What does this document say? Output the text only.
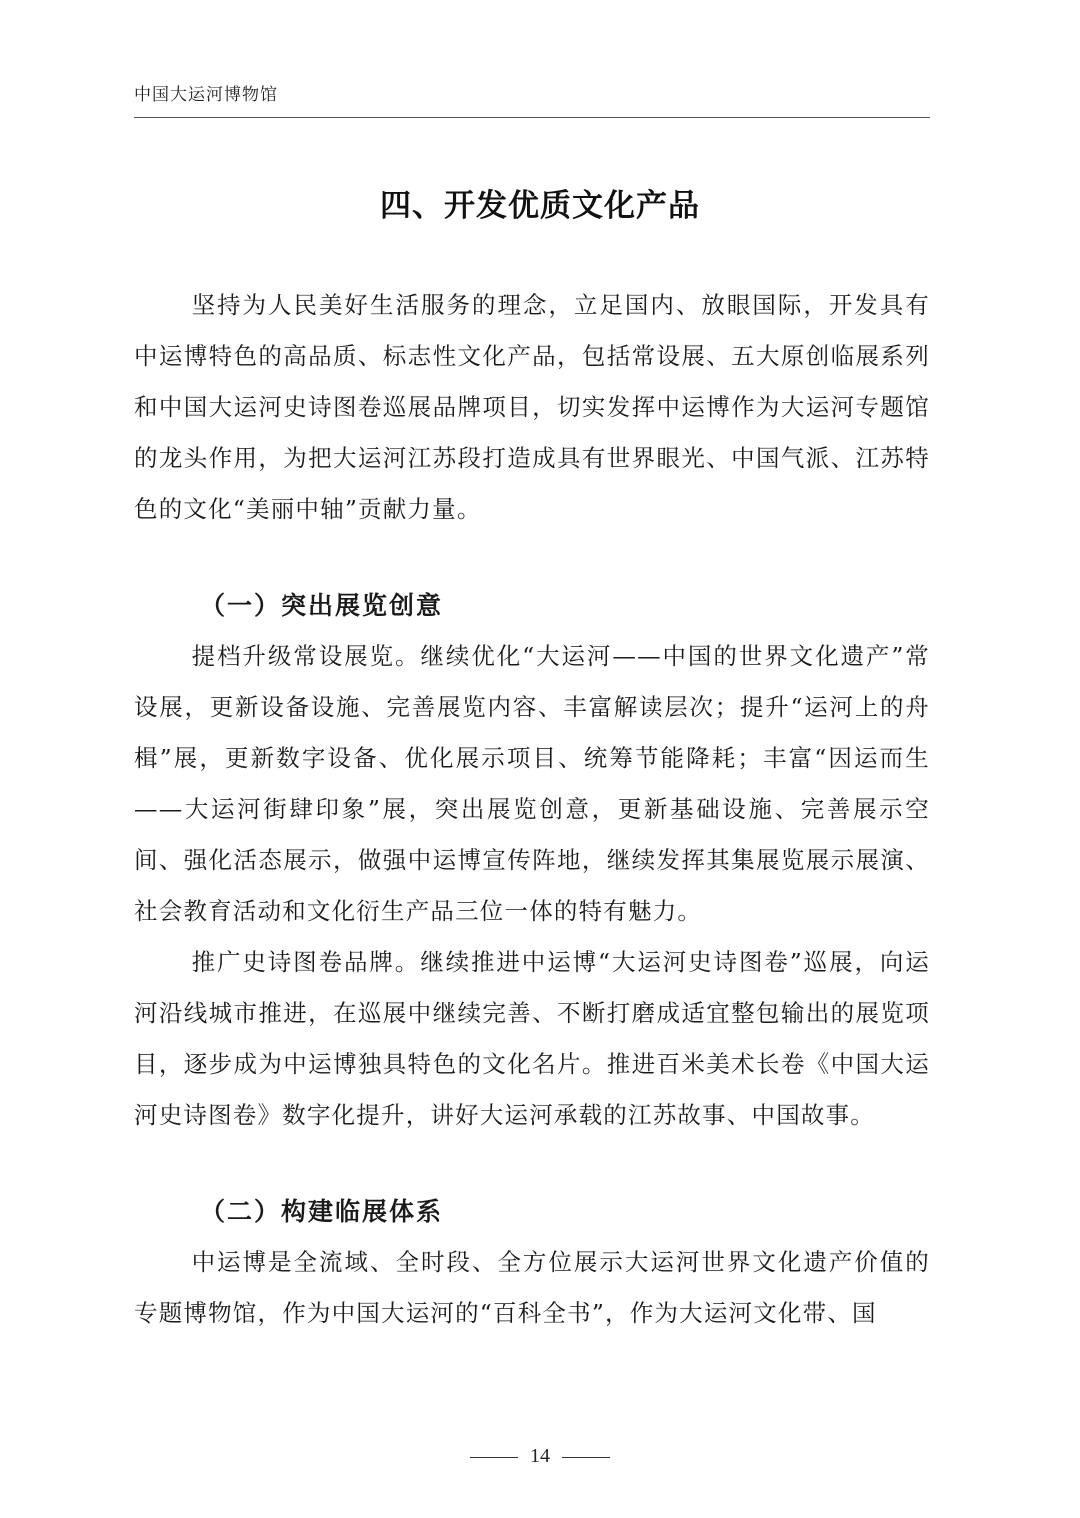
中国大运河博物馆
四、开发优质文化产品

坚持为人民美好生活服务的理念，立足国内、放眼国际，开发具有中运博特色的高品质、标志性文化产品，包括常设展、五大原创临展系列和中国大运河史诗图卷巡展品牌项目，切实发挥中运博作为大运河专题馆的龙头作用，为把大运河江苏段打造成具有世界眼光、中国气派、江苏特色的文化“美丽中轴”贡献力量。

（一）突出展览创意

提档升级常设展览。继续优化“大运河——中国的世界文化遗产”常设展，更新设备设施、完善展览内容、丰富解读层次；提升“运河上的舟楫”展，更新数字设备、优化展示项目、统筹节能降耗；丰富“因运而生——大运河街肆印象”展，突出展览创意，更新基础设施、完善展示空间、强化活态展示，做强中运博宣传阵地，继续发挥其集展览展示展演、社会教育活动和文化衍生产品三位一体的特有魅力。

推广史诗图卷品牌。继续推进中运博“大运河史诗图卷”巡展，向运河沿线城市推进，在巡展中继续完善、不断打磨成适宜整包输出的展览项目，逐步成为中运博独具特色的文化名片。推进百米美术长卷《中国大运河史诗图卷》数字化提升，讲好大运河承载的江苏故事、中国故事。

（二）构建临展体系

中运博是全流域、全时段、全方位展示大运河世界文化遗产价值的专题博物馆，作为中国大运河的“百科全书”，作为大运河文化带、国

14
